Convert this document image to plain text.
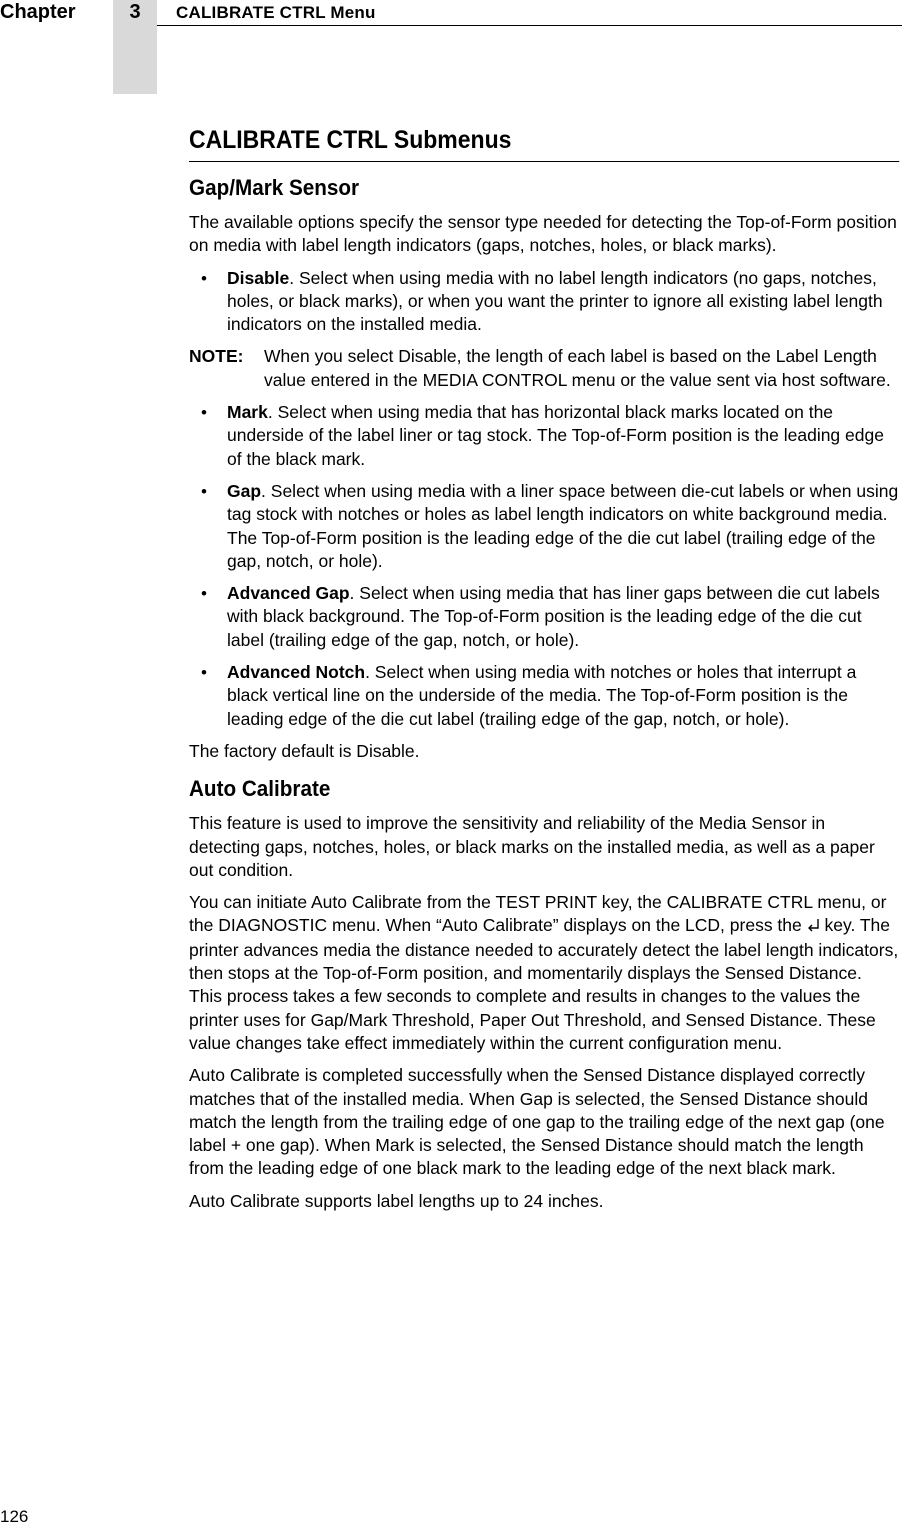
Chapter	3	CALIBRATE CTRL Menu
CALIBRATE CTRL Submenus
Gap/Mark Sensor

The available options specify the sensor type needed for detecting the Top-of-Form position on media with label length indicators (gaps, notches, holes, or black marks).

• Disable. Select when using media with no label length indicators (no gaps, notches, holes, or black marks), or when you want the printer to ignore all existing label length indicators on the installed media.
NOTE: When you select Disable, the length of each label is based on the Label Length value entered in the MEDIA CONTROL menu or the value sent via host software.
• Mark. Select when using media that has horizontal black marks located on the underside of the label liner or tag stock. The Top-of-Form position is the leading edge of the black mark.
• Gap. Select when using media with a liner space between die-cut labels or when using tag stock with notches or holes as label length indicators on white background media. The Top-of-Form position is the leading edge of the die cut label (trailing edge of the gap, notch, or hole).
• Advanced Gap. Select when using media that has liner gaps between die cut labels with black background. The Top-of-Form position is the leading edge of the die cut label (trailing edge of the gap, notch, or hole).
• Advanced Notch. Select when using media with notches or holes that interrupt a black vertical line on the underside of the media. The Top-of-Form position is the leading edge of the die cut label (trailing edge of the gap, notch, or hole).

The factory default is Disable.

Auto Calibrate

This feature is used to improve the sensitivity and reliability of the Media Sensor in detecting gaps, notches, holes, or black marks on the installed media, as well as a paper out condition.

You can initiate Auto Calibrate from the TEST PRINT key, the CALIBRATE CTRL menu, or the DIAGNOSTIC menu. When “Auto Calibrate” displays on the LCD, press the key. The printer advances media the distance needed to accurately detect the label length indicators, then stops at the Top-of-Form position, and momentarily displays the Sensed Distance. This process takes a few seconds to complete and results in changes to the values the printer uses for Gap/Mark Threshold, Paper Out Threshold, and Sensed Distance. These value changes take effect immediately within the current configuration menu.

Auto Calibrate is completed successfully when the Sensed Distance displayed correctly matches that of the installed media. When Gap is selected, the Sensed Distance should match the length from the trailing edge of one gap to the trailing edge of the next gap (one label + one gap). When Mark is selected, the Sensed Distance should match the length from the leading edge of one black mark to the leading edge of the next black mark.

Auto Calibrate supports label lengths up to 24 inches.

126
